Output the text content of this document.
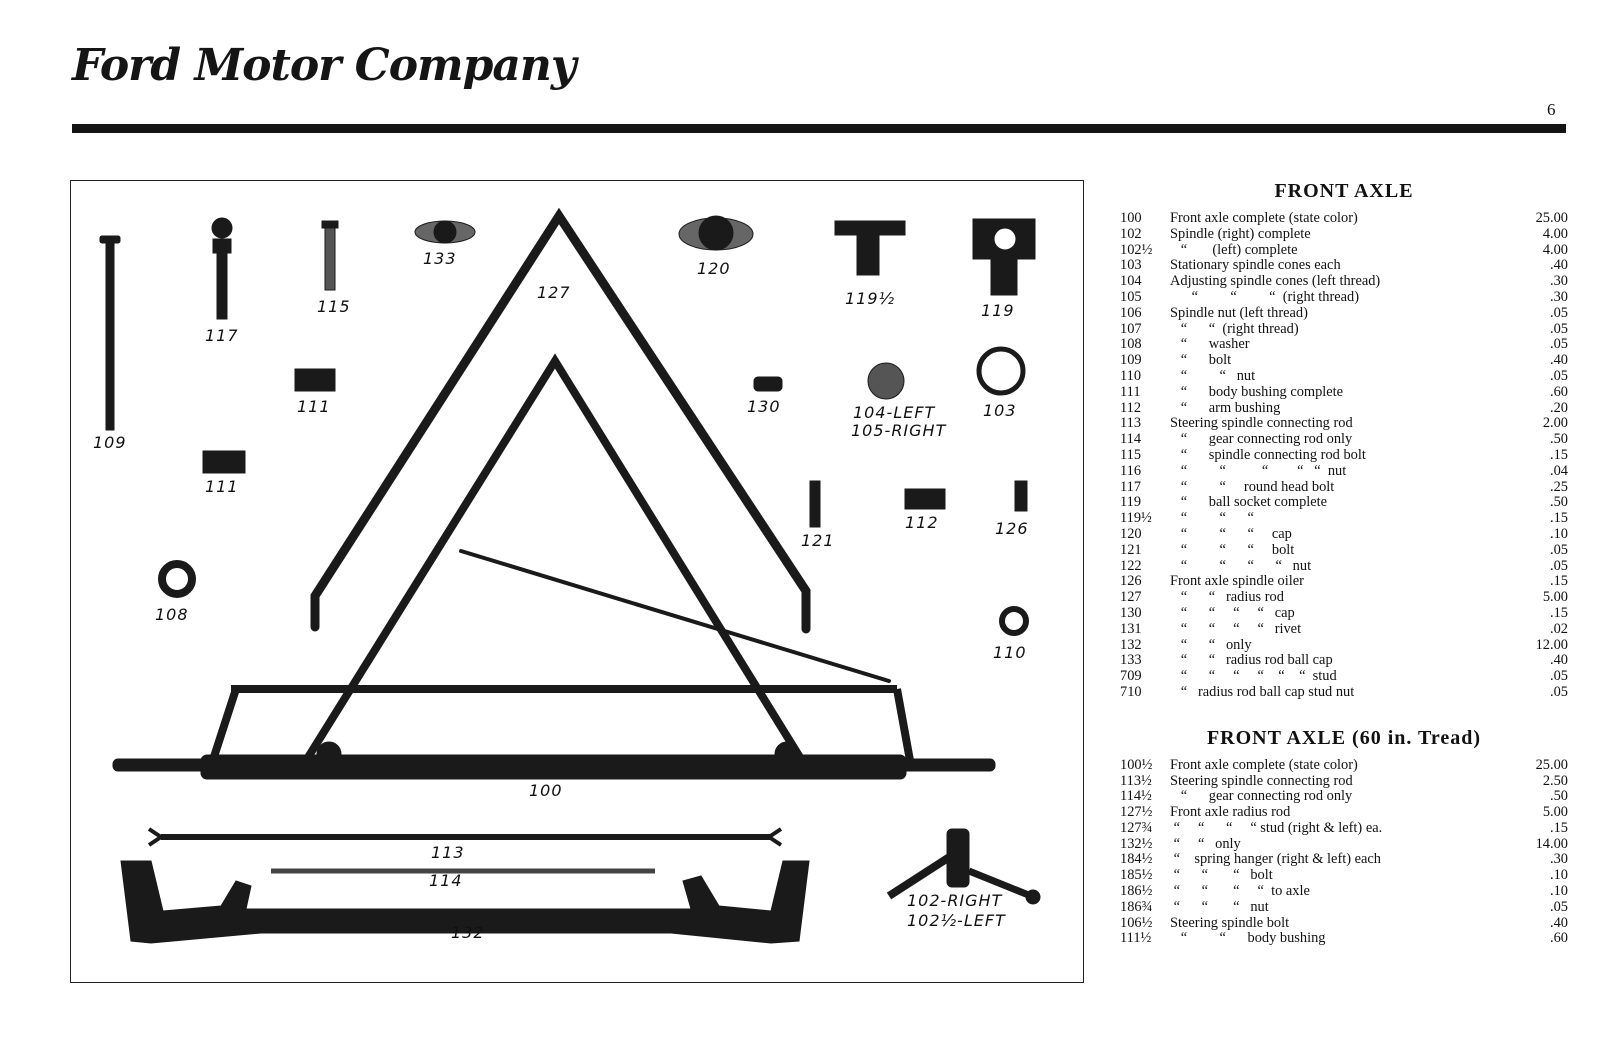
Ford Motor Company
6
109
117
115
133
127
120
119½
119
111
111
130	104-LEFT
105-RIGHT
103
121
112	126
108
110
100
113
114
132
102-RIGHT
102½-LEFT
FRONT AXLE
100	Front axle complete (state color)	25.00
102	Spindle (right) complete	4.00
102½	“       (left) complete	4.00
103	Stationary spindle cones each	.40
104	Adjusting spindle cones (left thread)	.30
105	“         “         “  (right thread)	.30
106	Spindle nut (left thread)	.05
107	“      “  (right thread)	.05
108	“      washer	.05
109	“      bolt	.40
110	“         “   nut	.05
111	“      body bushing complete	.60
112	“      arm bushing	.20
113	Steering spindle connecting rod	2.00
114	“      gear connecting rod only	.50
115	“      spindle connecting rod bolt	.15
116	“         “          “        “   “  nut	.04
117	“         “     round head bolt	.25
119	“      ball socket complete	.50
119½	“         “      “	.15
120	“         “      “     cap	.10
121	“         “      “     bolt	.05
122	“         “      “      “   nut	.05
126	Front axle spindle oiler	.15
127	“      “   radius rod	5.00
130	“      “     “     “   cap	.15
131	“      “     “     “   rivet	.02
132	“      “   only	12.00
133	“      “   radius rod ball cap	.40
709	“      “     “     “    “    “  stud	.05
710	“   radius rod ball cap stud nut	.05
FRONT AXLE (60 in. Tread)
100½	Front axle complete (state color)	25.00
113½	Steering spindle connecting rod	2.50
114½	“      gear connecting rod only	.50
127½	Front axle radius rod	5.00
127¾	“     “      “     “ stud (right & left) ea.	.15
132½	“     “   only	14.00
184½	“    spring hanger (right & left) each	.30
185½	“      “       “   bolt	.10
186½	“      “       “     “  to axle	.10
186¾	“      “       “   nut	.05
106½	Steering spindle bolt	.40
111½	“         “      body bushing	.60
